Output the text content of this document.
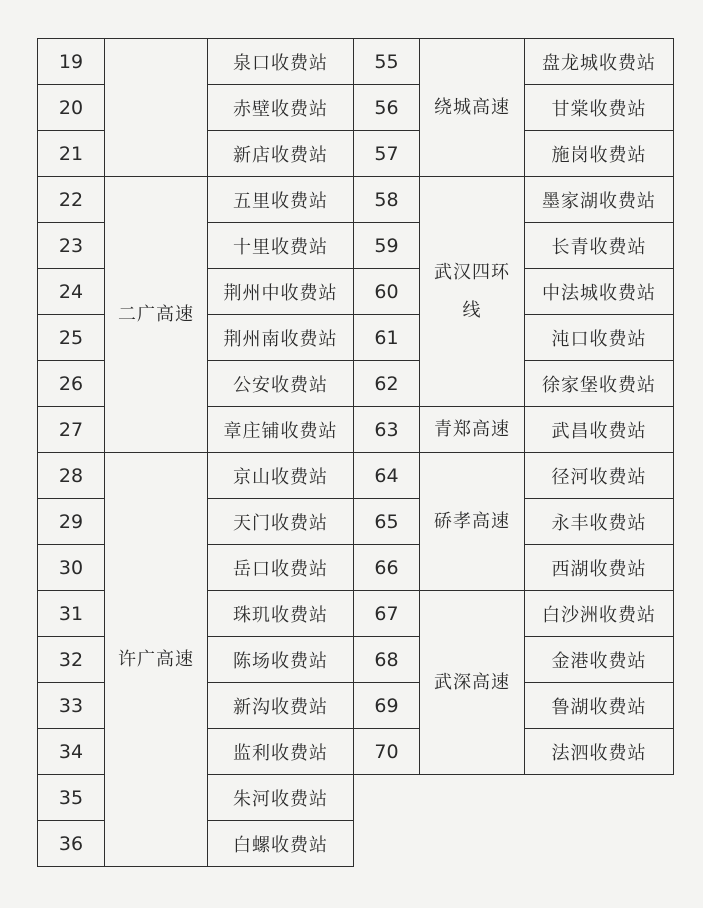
19		泉口收费站
20		赤壁收费站
21		新店收费站
22	二广高速	五里收费站
23		十里收费站
24		荆州中收费站
25		荆州南收费站
26		公安收费站
27		章庄铺收费站
28	许广高速	京山收费站
29		天门收费站
30		岳口收费站
31		珠玑收费站
32		陈场收费站
33		新沟收费站
34		监利收费站
35		朱河收费站
36		白螺收费站
55	绕城高速	盘龙城收费站
56		甘棠收费站
57		施岗收费站
58	武汉四环线	墨家湖收费站
59		长青收费站
60		中法城收费站
61		沌口收费站
62		徐家堡收费站
63	青郑高速	武昌收费站
64	硚孝高速	径河收费站
65		永丰收费站
66		西湖收费站
67	武深高速	白沙洲收费站
68		金港收费站
69		鲁湖收费站
70		法泗收费站
